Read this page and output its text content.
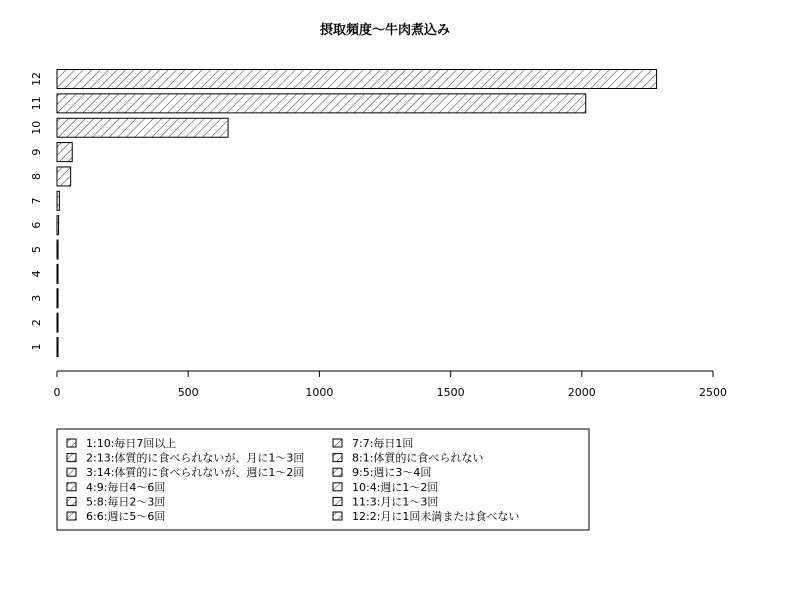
摂取頻度～牛肉煮込み
1
2
3
4
5
6
7
8
9
10
11
12
0	500	1000	1500	2000	2500
1:10:毎日7回以上
2:13:体質的に食べられないが、月に1～3回
3:14:体質的に食べられないが、週に1～2回
4:9:毎日4～6回
5:8:毎日2～3回
6:6:週に5～6回
7:7:毎日1回
8:1:体質的に食べられない
9:5:週に3～4回
10:4:週に1～2回
11:3:月に1～3回
12:2:月に1回未満または食べない
